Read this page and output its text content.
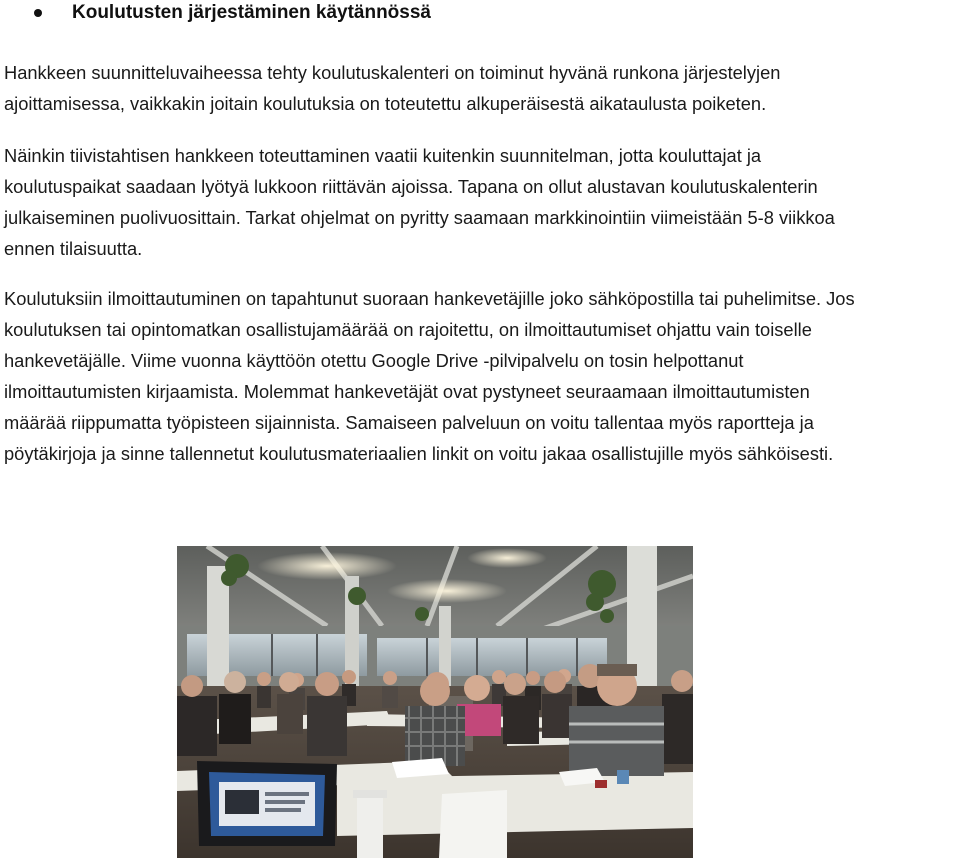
Koulutusten järjestäminen käytännössä

Hankkeen suunnitteluvaiheessa tehty koulutuskalenteri on toiminut hyvänä runkona järjestelyjen
ajoittamisessa, vaikkakin joitain koulutuksia on toteutettu alkuperäisestä aikataulusta poiketen.

Näinkin tiivistahtisen hankkeen toteuttaminen vaatii kuitenkin suunnitelman, jotta kouluttajat ja
koulutuspaikat saadaan lyötyä lukkoon riittävän ajoissa. Tapana on ollut alustavan koulutuskalenterin
julkaiseminen puolivuosittain. Tarkat ohjelmat on pyritty saamaan markkinointiin viimeistään 5-8 viikkoa
ennen tilaisuutta.

Koulutuksiin ilmoittautuminen on tapahtunut suoraan hankevetäjille joko sähköpostilla tai puhelimitse. Jos
koulutuksen tai opintomatkan osallistujamäärää on rajoitettu, on ilmoittautumiset ohjattu vain toiselle
hankevetäjälle. Viime vuonna käyttöön otettu Google Drive -pilvipalvelu on tosin helpottanut
ilmoittautumisten kirjaamista. Molemmat hankevetäjät ovat pystyneet seuraamaan ilmoittautumisten
määrää riippumatta työpisteen sijainnista. Samaiseen palveluun on voitu tallentaa myös raportteja ja
pöytäkirjoja ja sinne tallennetut koulutusmateriaalien linkit on voitu jakaa osallistujille myös sähköisesti.
